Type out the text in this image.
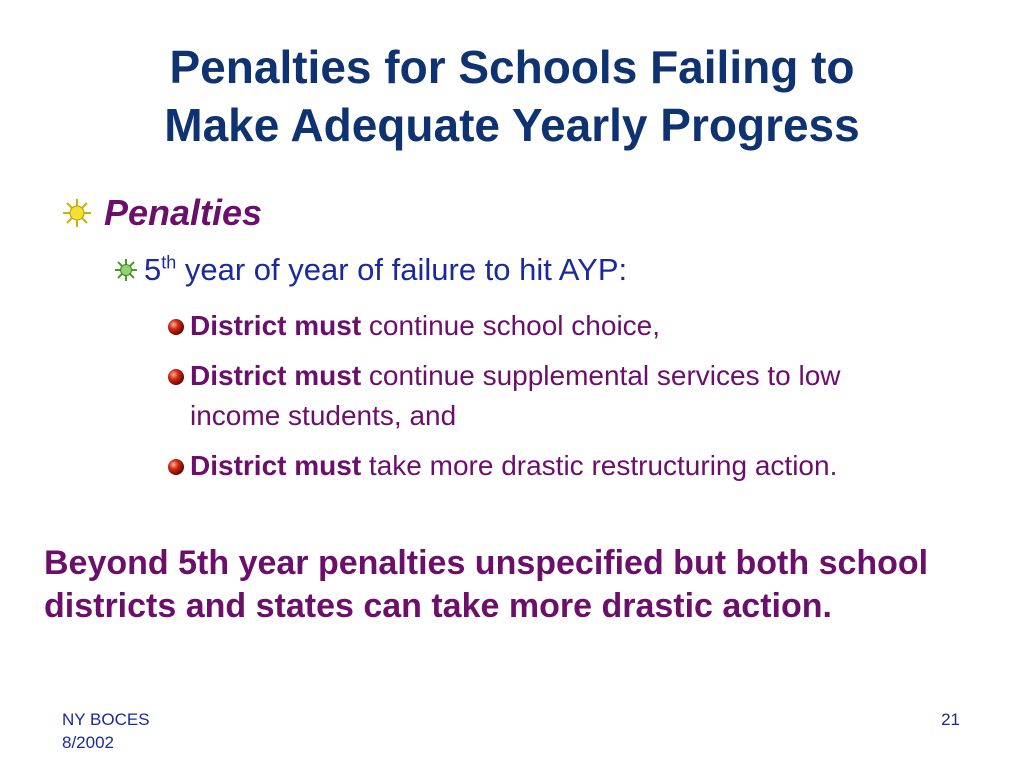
Penalties for Schools Failing to
Make Adequate Yearly Progress
Penalties
5th year of year of failure to hit AYP:
District must continue school choice,
District must continue supplemental services to low income students, and
District must take more drastic restructuring action.
Beyond 5th year penalties unspecified but both school districts and states can take more drastic action.
NY BOCES
8/2002
21
